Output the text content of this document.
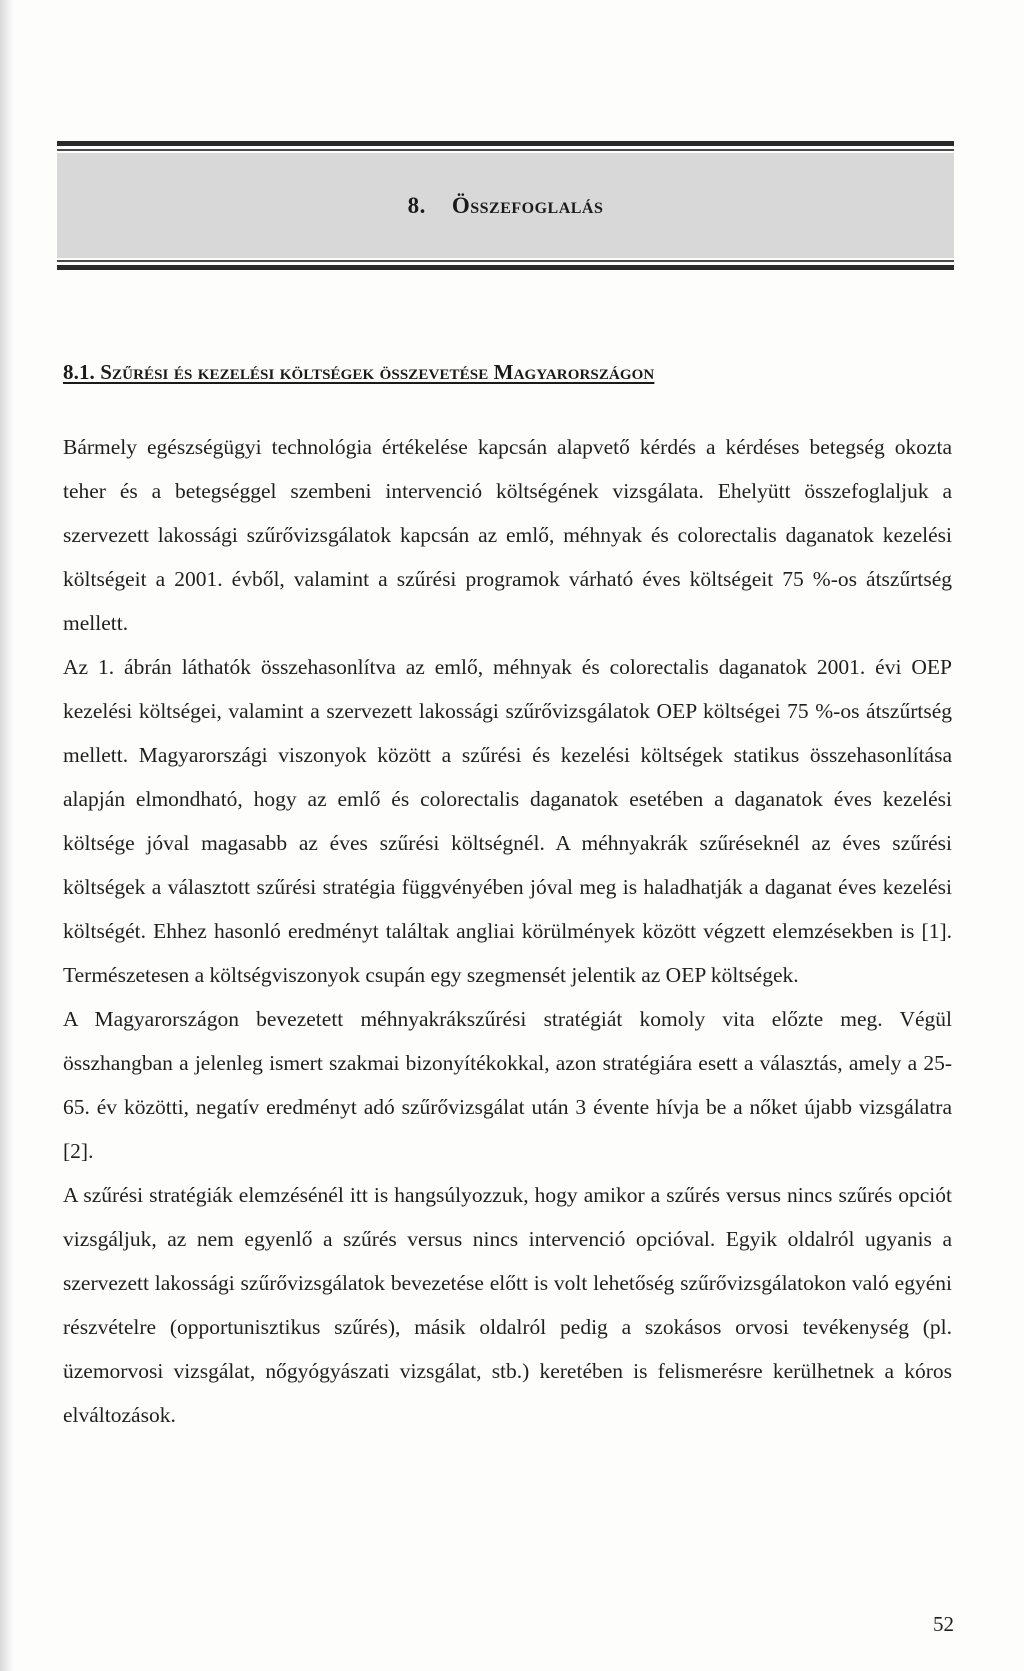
8. Összefoglalás
8.1. Szűrési és kezelési költségek összevetése Magyarországon

Bármely egészségügyi technológia értékelése kapcsán alapvető kérdés a kérdéses betegség okozta teher és a betegséggel szembeni intervenció költségének vizsgálata. Ehelyütt összefoglaljuk a szervezett lakossági szűrővizsgálatok kapcsán az emlő, méhnyak és colorectalis daganatok kezelési költségeit a 2001. évből, valamint a szűrési programok várható éves költségeit 75 %-os átszűrtség mellett.

Az 1. ábrán láthatók összehasonlítva az emlő, méhnyak és colorectalis daganatok 2001. évi OEP kezelési költségei, valamint a szervezett lakossági szűrővizsgálatok OEP költségei 75 %-os átszűrtség mellett. Magyarországi viszonyok között a szűrési és kezelési költségek statikus összehasonlítása alapján elmondható, hogy az emlő és colorectalis daganatok esetében a daganatok éves kezelési költsége jóval magasabb az éves szűrési költségnél. A méhnyakrák szűréseknél az éves szűrési költségek a választott szűrési stratégia függvényében jóval meg is haladhatják a daganat éves kezelési költségét. Ehhez hasonló eredményt találtak angliai körülmények között végzett elemzésekben is [1]. Természetesen a költségviszonyok csupán egy szegmensét jelentik az OEP költségek.

A Magyarországon bevezetett méhnyakrákszűrési stratégiát komoly vita előzte meg. Végül összhangban a jelenleg ismert szakmai bizonyítékokkal, azon stratégiára esett a választás, amely a 25-65. év közötti, negatív eredményt adó szűrővizsgálat után 3 évente hívja be a nőket újabb vizsgálatra [2].

A szűrési stratégiák elemzésénél itt is hangsúlyozzuk, hogy amikor a szűrés versus nincs szűrés opciót vizsgáljuk, az nem egyenlő a szűrés versus nincs intervenció opcióval. Egyik oldalról ugyanis a szervezett lakossági szűrővizsgálatok bevezetése előtt is volt lehetőség szűrővizsgálatokon való egyéni részvételre (opportunisztikus szűrés), másik oldalról pedig a szokásos orvosi tevékenység (pl. üzemorvosi vizsgálat, nőgyógyászati vizsgálat, stb.) keretében is felismerésre kerülhetnek a kóros elváltozások.

52
